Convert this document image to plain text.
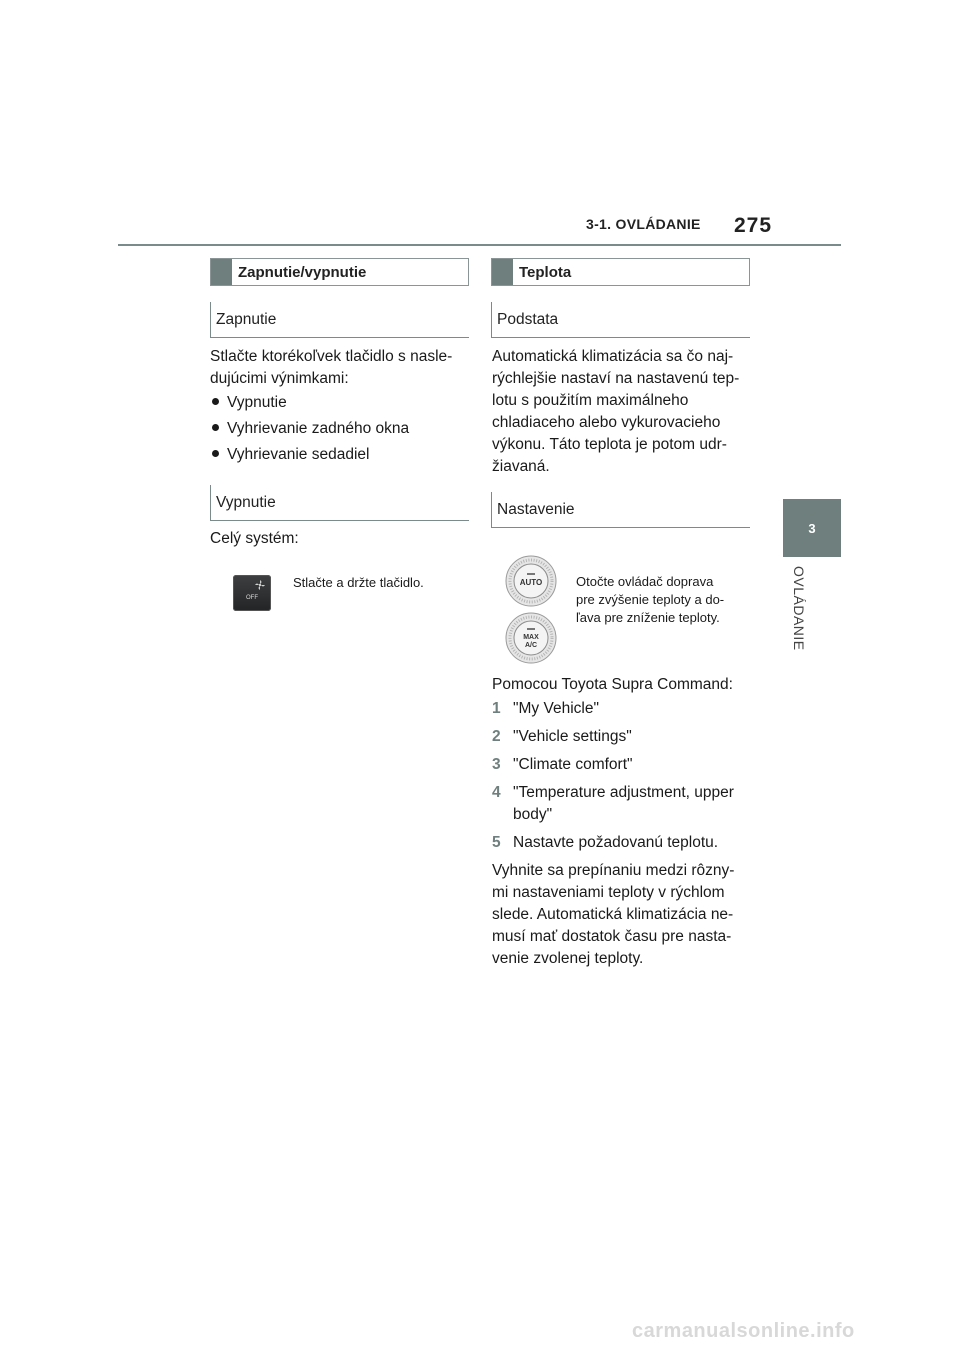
3-1. OVLÁDANIE 275
3
OVLÁDANIE
Zapnutie/vypnutie
Zapnutie
Stlačte ktorékoľvek tlačidlo s nasle-
dujúcimi výnimkami:
Vypnutie
Vyhrievanie zadného okna
Vyhrievanie sedadiel
Vypnutie
Celý systém:
OFF
Stlačte a držte tlačidlo.
Teplota
Podstata
Automatická klimatizácia sa čo naj-
rýchlejšie nastaví na nastavenú tep-
lotu s použitím maximálneho
chladiaceho alebo vykurovacieho
výkonu. Táto teplota je potom udr-
žiavaná.
Nastavenie
AUTO
MAX
A/C
Otočte ovládač doprava
pre zvýšenie teploty a do-
ľava pre zníženie teploty.
Pomocou Toyota Supra Command:
1 "My Vehicle"
2 "Vehicle settings"
3 "Climate comfort"
4 "Temperature adjustment, upper
body"
5 Nastavte požadovanú teplotu.
Vyhnite sa prepínaniu medzi rôzny-
mi nastaveniami teploty v rýchlom
slede. Automatická klimatizácia ne-
musí mať dostatok času pre nasta-
venie zvolenej teploty.
carmanualsonline.info
